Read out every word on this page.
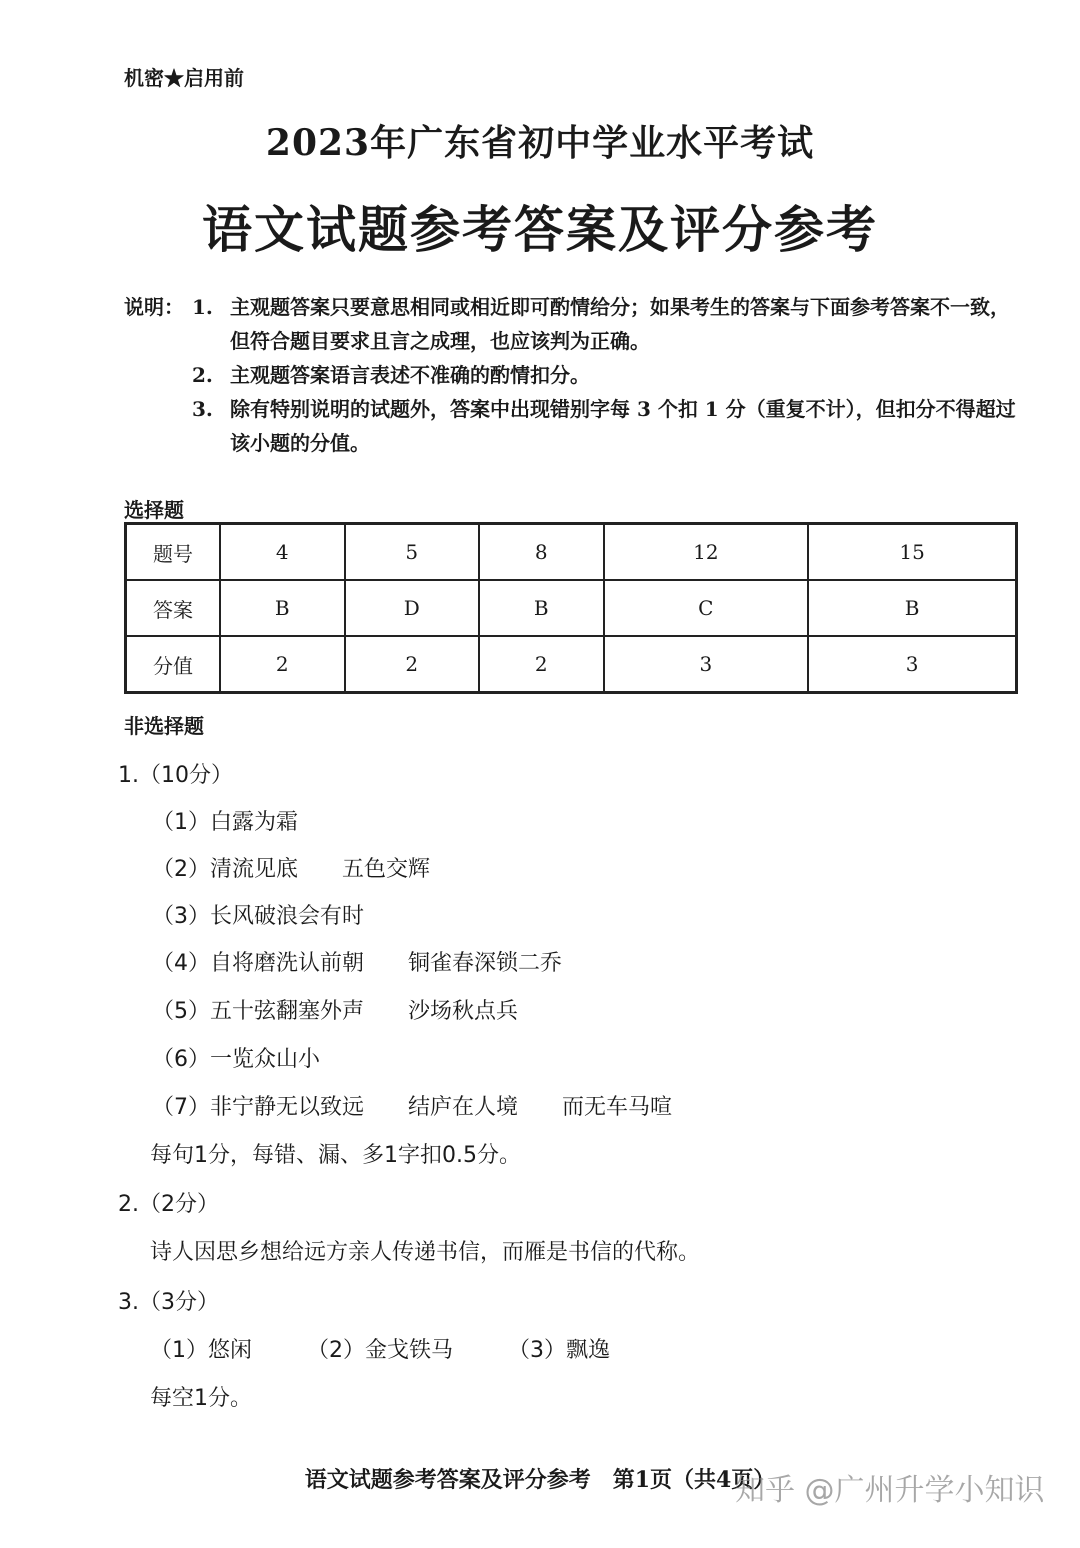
机密★启用前
2023年广东省初中学业水平考试
语文试题参考答案及评分参考
说明： 1. 主观题答案只要意思相同或相近即可酌情给分；如果考生的答案与下面参考答案不一致，但符合题目要求且言之成理，也应该判为正确。
2. 主观题答案语言表述不准确的酌情扣分。
3. 除有特别说明的试题外，答案中出现错别字每 3 个扣 1 分（重复不计），但扣分不得超过该小题的分值。
选择题
题号	4	5	8	12	15
答案	B	D	B	C	B
分值	2	2	2	3	3
非选择题
1.（10分）
（1）白露为霜
（2）清流见底　　五色交辉
（3）长风破浪会有时
（4）自将磨洗认前朝　　铜雀春深锁二乔
（5）五十弦翻塞外声　　沙场秋点兵
（6）一览众山小
（7）非宁静无以致远　　结庐在人境　　而无车马喧
每句1分，每错、漏、多1字扣0.5分。
2.（2分）
诗人因思乡想给远方亲人传递书信，而雁是书信的代称。
3.（3分）
（1）悠闲　　　（2）金戈铁马　　　（3）飘逸
每空1分。
语文试题参考答案及评分参考　第1页（共4页）
知乎 @广州升学小知识
